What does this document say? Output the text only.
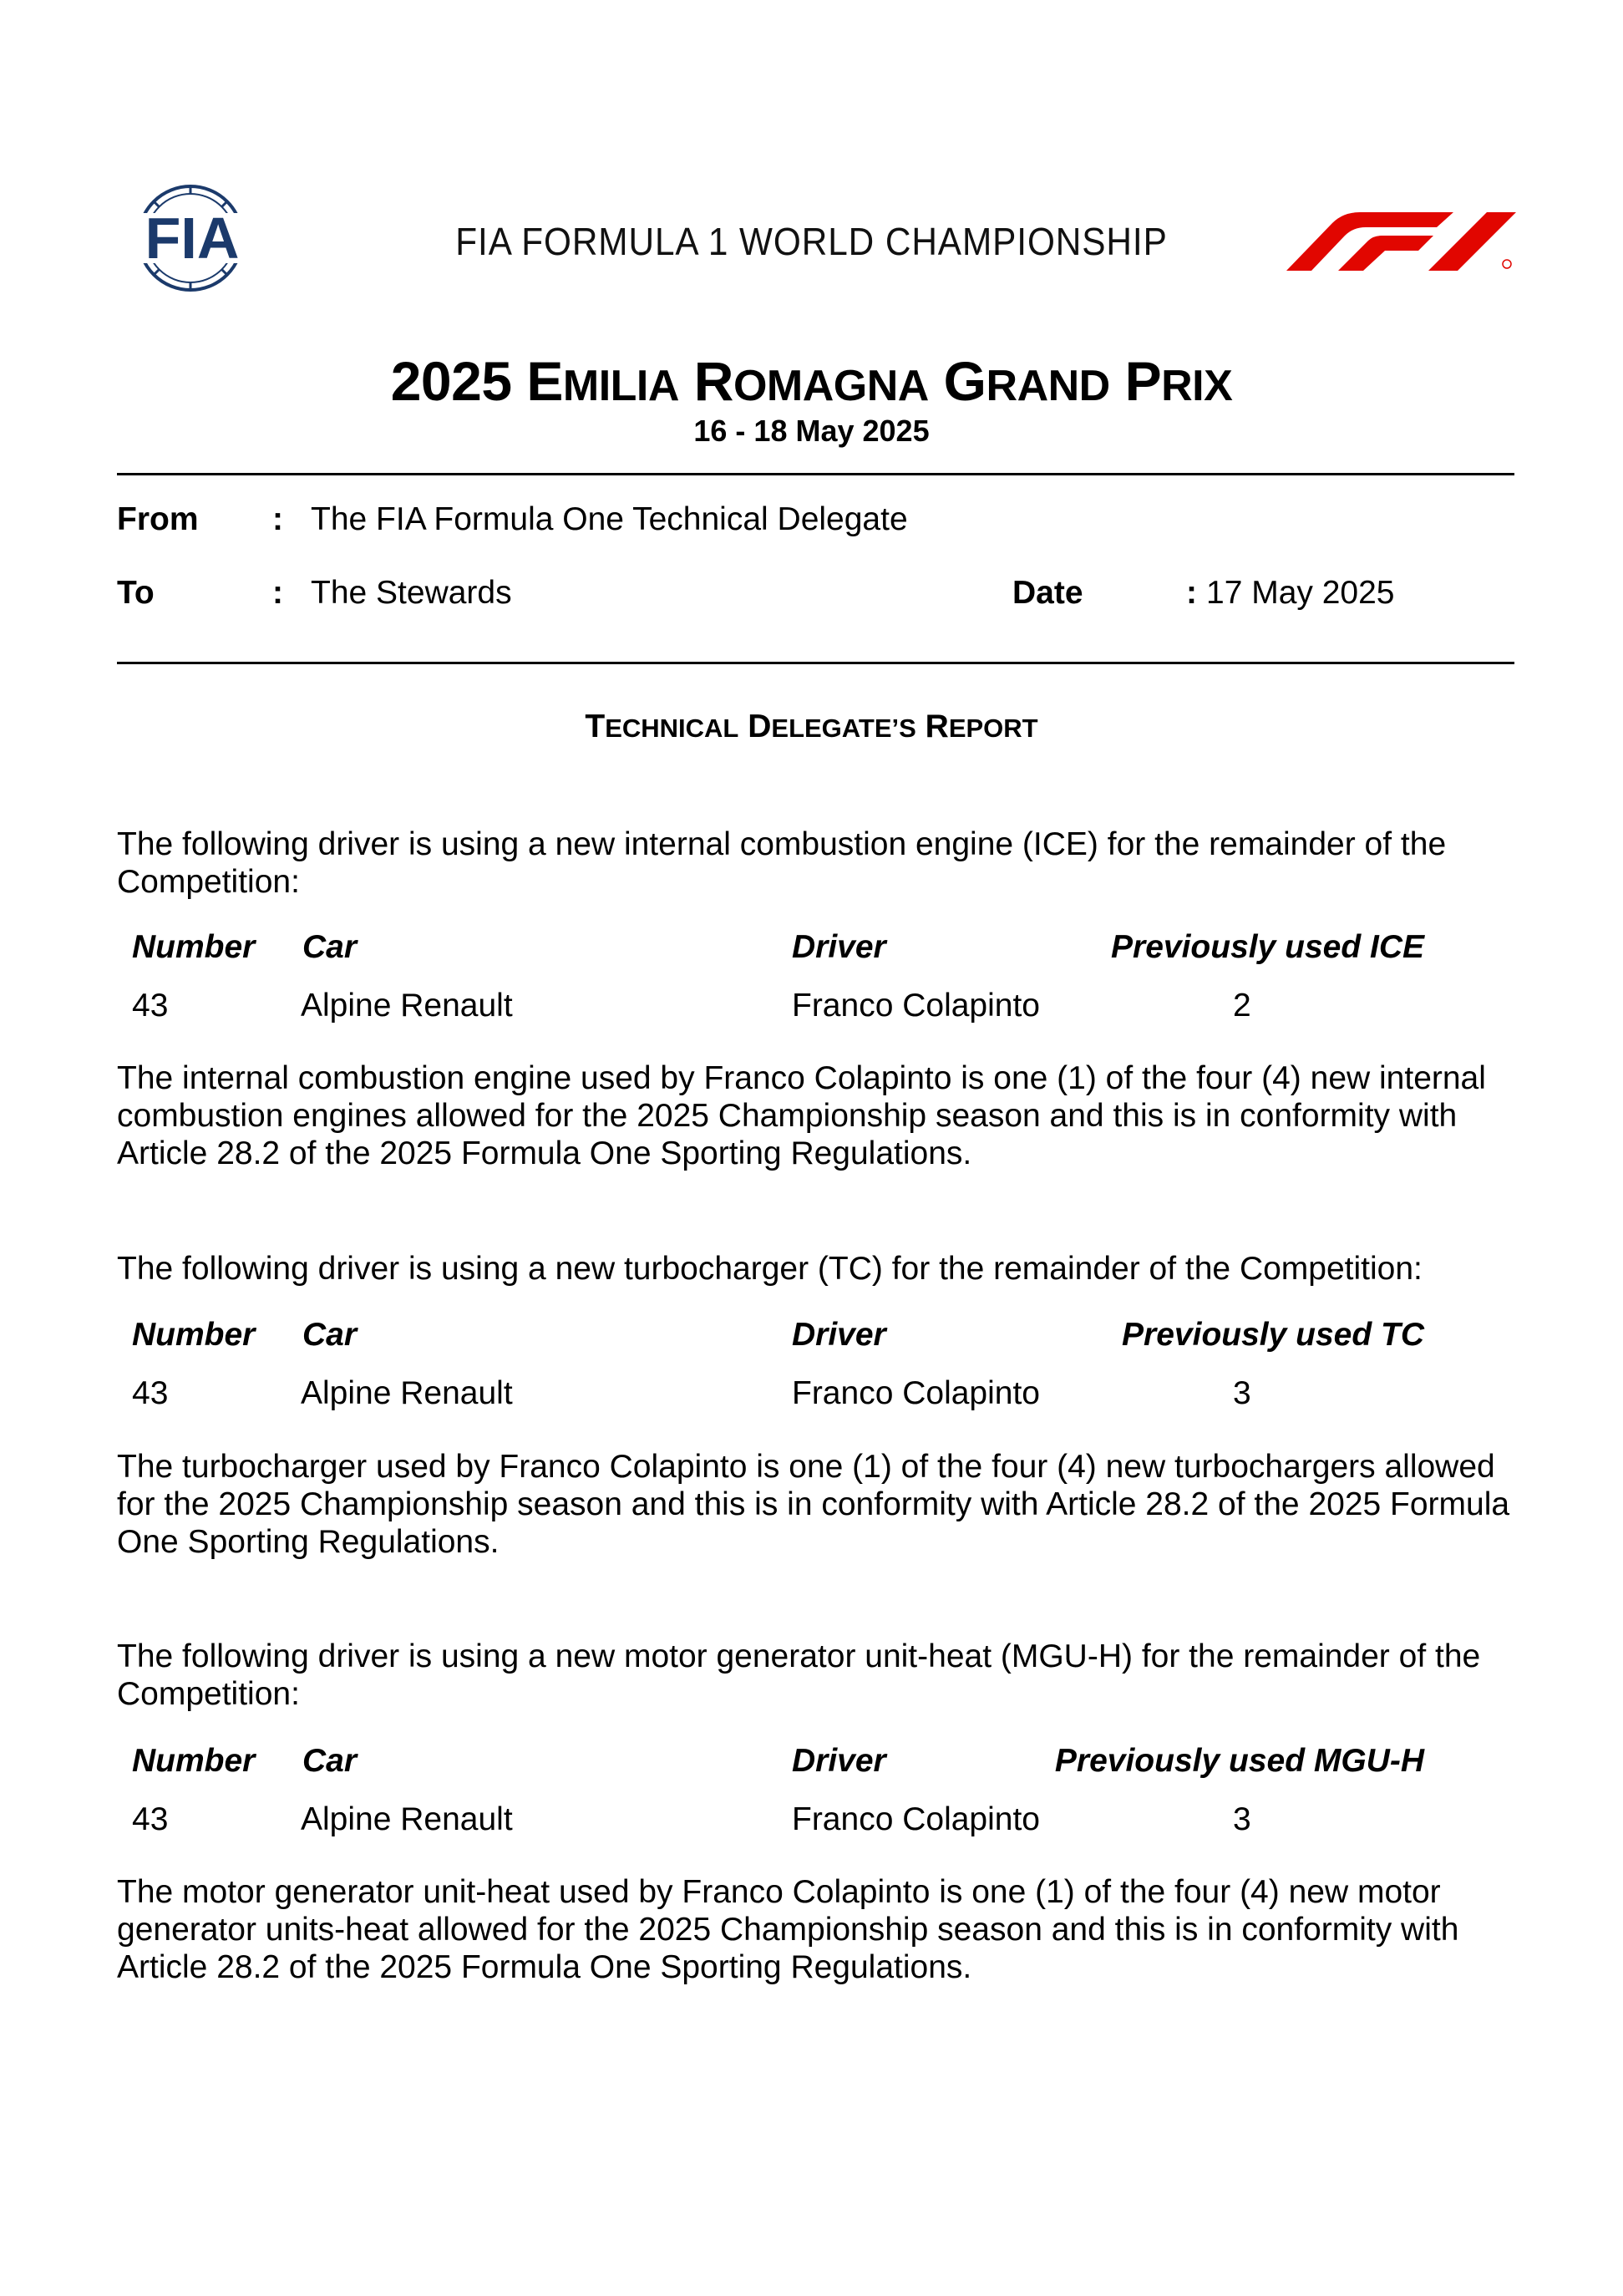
FIA	FIA FORMULA 1 WORLD CHAMPIONSHIP
2025 EMILIA ROMAGNA GRAND PRIX
16 - 18 May 2025
From : The FIA Formula One Technical Delegate
To	: The Stewards	Date	: 17 May 2025
TECHNICAL DELEGATE’S REPORT
The following driver is using a new internal combustion engine (ICE) for the remainder of the Competition:
Number Car	Driver	Previously used ICE
43	Alpine Renault	Franco Colapinto	2
The internal combustion engine used by Franco Colapinto is one (1) of the four (4) new internal combustion engines allowed for the 2025 Championship season and this is in conformity with Article 28.2 of the 2025 Formula One Sporting Regulations.
The following driver is using a new turbocharger (TC) for the remainder of the Competition:
Number Car	Driver	Previously used TC
43	Alpine Renault	Franco Colapinto	3
The turbocharger used by Franco Colapinto is one (1) of the four (4) new turbochargers allowed for the 2025 Championship season and this is in conformity with Article 28.2 of the 2025 Formula One Sporting Regulations.
The following driver is using a new motor generator unit-heat (MGU-H) for the remainder of the Competition:
Number Car	Driver	Previously used MGU-H
43	Alpine Renault	Franco Colapinto	3
The motor generator unit-heat used by Franco Colapinto is one (1) of the four (4) new motor generator units-heat allowed for the 2025 Championship season and this is in conformity with Article 28.2 of the 2025 Formula One Sporting Regulations.
